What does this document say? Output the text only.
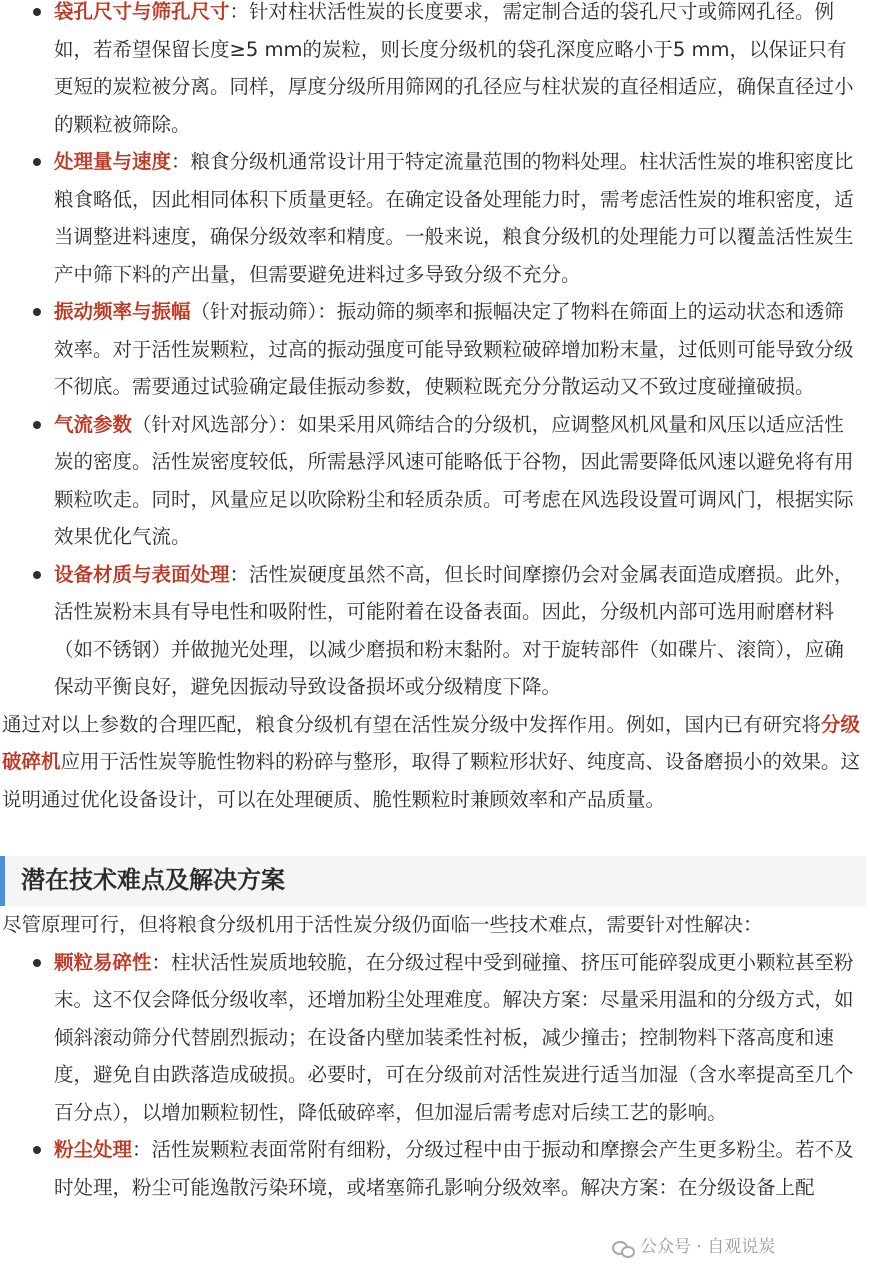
袋孔尺寸与筛孔尺寸：针对柱状活性炭的长度要求，需定制合适的袋孔尺寸或筛网孔径。例如，若希望保留长度≥5 mm的炭粒，则长度分级机的袋孔深度应略小于5 mm，以保证只有更短的炭粒被分离。同样，厚度分级所用筛网的孔径应与柱状炭的直径相适应，确保直径过小的颗粒被筛除。
处理量与速度：粮食分级机通常设计用于特定流量范围的物料处理。柱状活性炭的堆积密度比粮食略低，因此相同体积下质量更轻。在确定设备处理能力时，需考虑活性炭的堆积密度，适当调整进料速度，确保分级效率和精度。一般来说，粮食分级机的处理能力可以覆盖活性炭生产中筛下料的产出量，但需要避免进料过多导致分级不充分。
振动频率与振幅（针对振动筛）：振动筛的频率和振幅决定了物料在筛面上的运动状态和透筛效率。对于活性炭颗粒，过高的振动强度可能导致颗粒破碎增加粉末量，过低则可能导致分级不彻底。需要通过试验确定最佳振动参数，使颗粒既充分分散运动又不致过度碰撞破损。
气流参数（针对风选部分）：如果采用风筛结合的分级机，应调整风机风量和风压以适应活性炭的密度。活性炭密度较低，所需悬浮风速可能略低于谷物，因此需要降低风速以避免将有用颗粒吹走。同时，风量应足以吹除粉尘和轻质杂质。可考虑在风选段设置可调风门，根据实际效果优化气流。
设备材质与表面处理：活性炭硬度虽然不高，但长时间摩擦仍会对金属表面造成磨损。此外，活性炭粉末具有导电性和吸附性，可能附着在设备表面。因此，分级机内部可选用耐磨材料（如不锈钢）并做抛光处理，以减少磨损和粉末黏附。对于旋转部件（如碟片、滚筒），应确保动平衡良好，避免因振动导致设备损坏或分级精度下降。

通过对以上参数的合理匹配，粮食分级机有望在活性炭分级中发挥作用。例如，国内已有研究将分级破碎机应用于活性炭等脆性物料的粉碎与整形，取得了颗粒形状好、纯度高、设备磨损小的效果。这说明通过优化设备设计，可以在处理硬质、脆性颗粒时兼顾效率和产品质量。

潜在技术难点及解决方案

尽管原理可行，但将粮食分级机用于活性炭分级仍面临一些技术难点，需要针对性解决：

颗粒易碎性：柱状活性炭质地较脆，在分级过程中受到碰撞、挤压可能碎裂成更小颗粒甚至粉末。这不仅会降低分级收率，还增加粉尘处理难度。解决方案：尽量采用温和的分级方式，如倾斜滚动筛分代替剧烈振动；在设备内壁加装柔性衬板，减少撞击；控制物料下落高度和速度，避免自由跌落造成破损。必要时，可在分级前对活性炭进行适当加湿（含水率提高至几个百分点），以增加颗粒韧性，降低破碎率，但加湿后需考虑对后续工艺的影响。
粉尘处理：活性炭颗粒表面常附有细粉，分级过程中由于振动和摩擦会产生更多粉尘。若不及时处理，粉尘可能逸散污染环境，或堵塞筛孔影响分级效率。解决方案：在分级设备上配
公众号 · 自观说炭
